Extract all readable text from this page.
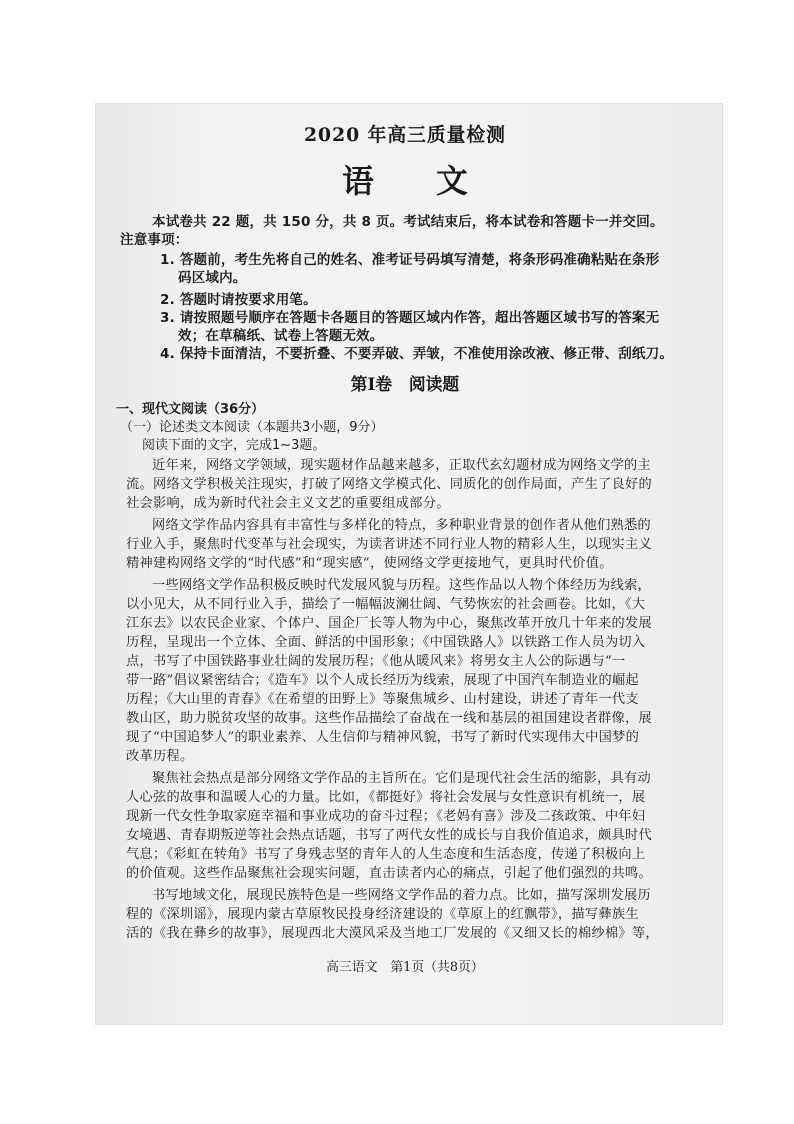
2020 年高三质量检测
语 文
本试卷共 22 题，共 150 分，共 8 页。考试结束后，将本试卷和答题卡一并交回。
注意事项：
1. 答题前，考生先将自己的姓名、准考证号码填写清楚，将条形码准确粘贴在条形
码区域内。
2. 答题时请按要求用笔。
3. 请按照题号顺序在答题卡各题目的答题区域内作答，超出答题区域书写的答案无
效；在草稿纸、试卷上答题无效。
4. 保持卡面清洁，不要折叠、不要弄破、弄皱，不准使用涂改液、修正带、刮纸刀。
第Ⅰ卷　阅读题
一、现代文阅读（36分）
（一）论述类文本阅读（本题共3小题，9分）
阅读下面的文字，完成1~3题。
近年来，网络文学领域，现实题材作品越来越多，正取代玄幻题材成为网络文学的主
流。网络文学积极关注现实，打破了网络文学模式化、同质化的创作局面，产生了良好的
社会影响，成为新时代社会主义文艺的重要组成部分。
网络文学作品内容具有丰富性与多样化的特点，多种职业背景的创作者从他们熟悉的
行业入手，聚焦时代变革与社会现实，为读者讲述不同行业人物的精彩人生，以现实主义
精神建构网络文学的“时代感”和“现实感”，使网络文学更接地气，更具时代价值。
一些网络文学作品积极反映时代发展风貌与历程。这些作品以人物个体经历为线索，
以小见大，从不同行业入手，描绘了一幅幅波澜壮阔、气势恢宏的社会画卷。比如，《大
江东去》以农民企业家、个体户、国企厂长等人物为中心，聚焦改革开放几十年来的发展
历程，呈现出一个立体、全面、鲜活的中国形象；《中国铁路人》以铁路工作人员为切入
点，书写了中国铁路事业壮阔的发展历程；《他从暖风来》将男女主人公的际遇与“一
带一路”倡议紧密结合；《造车》以个人成长经历为线索，展现了中国汽车制造业的崛起
历程；《大山里的青春》《在希望的田野上》等聚焦城乡、山村建设，讲述了青年一代支
教山区，助力脱贫攻坚的故事。这些作品描绘了奋战在一线和基层的祖国建设者群像，展
现了“中国追梦人”的职业素养、人生信仰与精神风貌，书写了新时代实现伟大中国梦的
改革历程。
聚焦社会热点是部分网络文学作品的主旨所在。它们是现代社会生活的缩影，具有动
人心弦的故事和温暖人心的力量。比如，《都挺好》将社会发展与女性意识有机统一，展
现新一代女性争取家庭幸福和事业成功的奋斗过程；《老妈有喜》涉及二孩政策、中年妇
女境遇、青春期叛逆等社会热点话题，书写了两代女性的成长与自我价值追求，颇具时代
气息；《彩虹在转角》书写了身残志坚的青年人的人生态度和生活态度，传递了积极向上
的价值观。这些作品聚焦社会现实问题，直击读者内心的痛点，引起了他们强烈的共鸣。
书写地域文化，展现民族特色是一些网络文学作品的着力点。比如，描写深圳发展历
程的《深圳谣》，展现内蒙古草原牧民投身经济建设的《草原上的红飘带》，描写彝族生
活的《我在彝乡的故事》，展现西北大漠风采及当地工厂发展的《又细又长的棉纱棉》等，
高三语文　第1页（共8页）
